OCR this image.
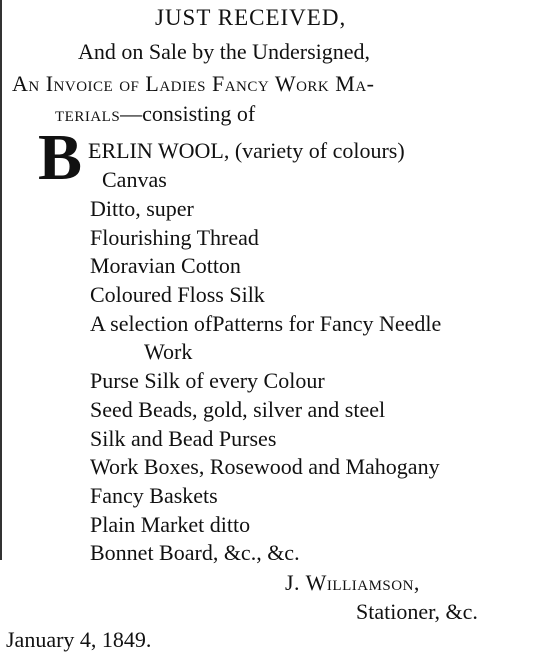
JUST RECEIVED,
And on Sale by the Undersigned,
An Invoice of Ladies Fancy Work Ma-
terials—consisting of
B ERLIN WOOL, (variety of colours)
Canvas
Ditto, super
Flourishing Thread
Moravian Cotton
Coloured Floss Silk
A selection ofPatterns for Fancy Needle
Work
Purse Silk of every Colour
Seed Beads, gold, silver and steel
Silk and Bead Purses
Work Boxes, Rosewood and Mahogany
Fancy Baskets
Plain Market ditto
Bonnet Board, &c., &c.
J. Williamson,
Stationer, &c.
January 4, 1849.
